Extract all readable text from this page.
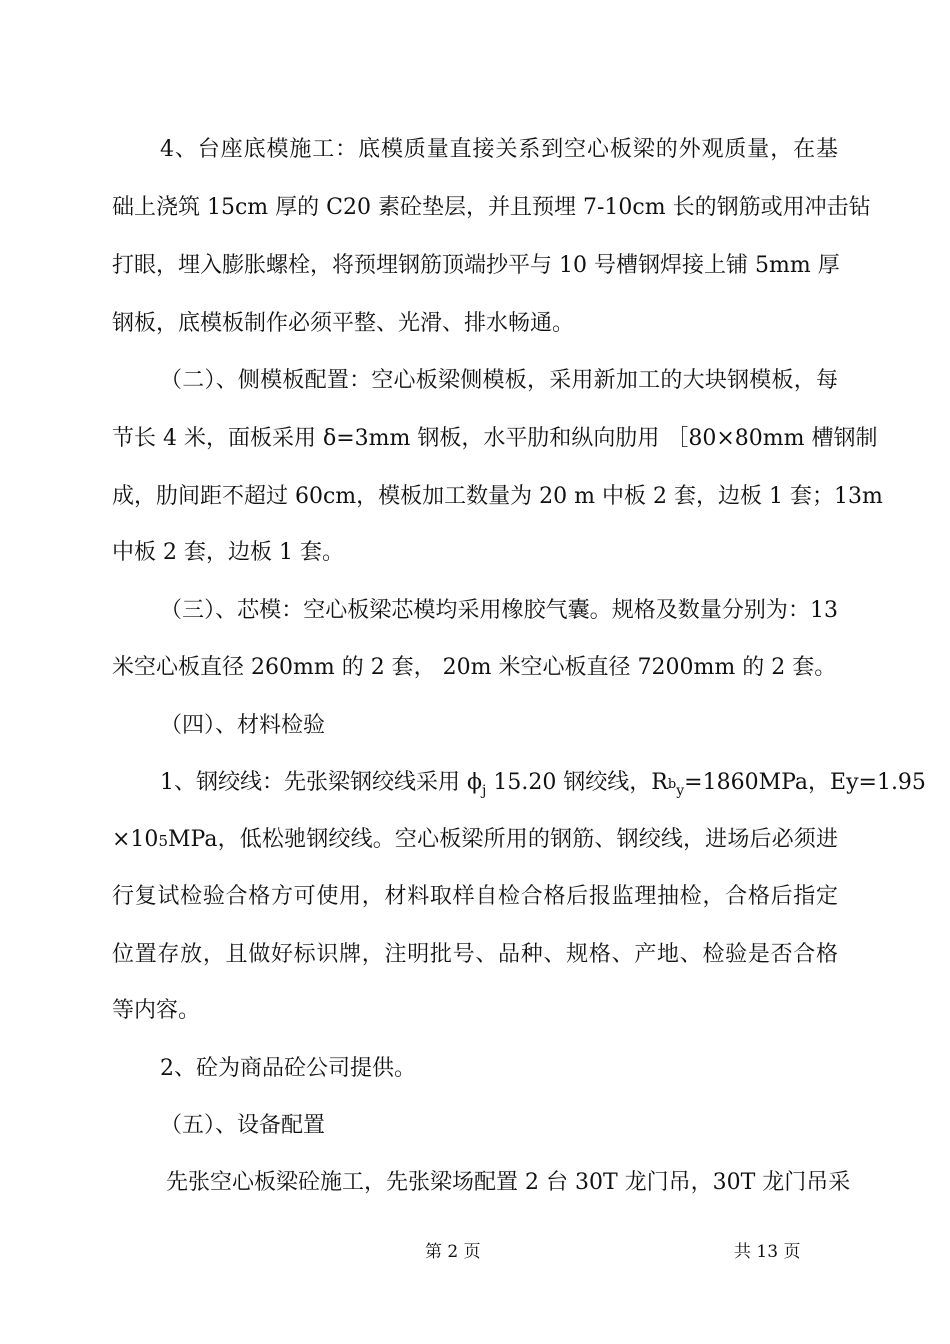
4、台座底模施工：底模质量直接关系到空心板梁的外观质量，在基
础上浇筑 15cm 厚的 C20 素砼垫层，并且预埋 7-10cm 长的钢筋或用冲击钻
打眼，埋入膨胀螺栓，将预埋钢筋顶端抄平与 10 号槽钢焊接上铺 5mm 厚
钢板，底模板制作必须平整、光滑、排水畅通。
（二）、侧模板配置：空心板梁侧模板，采用新加工的大块钢模板，每
节长 4 米，面板采用 δ=3mm 钢板，水平肋和纵向肋用 ［80×80mm 槽钢制
成，肋间距不超过 60cm，模板加工数量为 20 m 中板 2 套，边板 1 套；13m
中板 2 套，边板 1 套。
（三）、芯模：空心板梁芯模均采用橡胶气囊。规格及数量分别为：13
米空心板直径 260mm 的 2 套， 20m 米空心板直径 7200mm 的 2 套。
（四）、材料检验
1、钢绞线：先张梁钢绞线采用 $\phi_j$ 15.20 钢绞线，$Rb_y=1860MPa$，Ey=1.95
×105MPa，低松驰钢绞线。空心板梁所用的钢筋、钢绞线，进场后必须进
行复试检验合格方可使用，材料取样自检合格后报监理抽检，合格后指定
位置存放，且做好标识牌，注明批号、品种、规格、产地、检验是否合格
等内容。
2、砼为商品砼公司提供。
（五）、设备配置
先张空心板梁砼施工，先张梁场配置 2 台 30T 龙门吊，30T 龙门吊采
第 2 页	共 13 页
